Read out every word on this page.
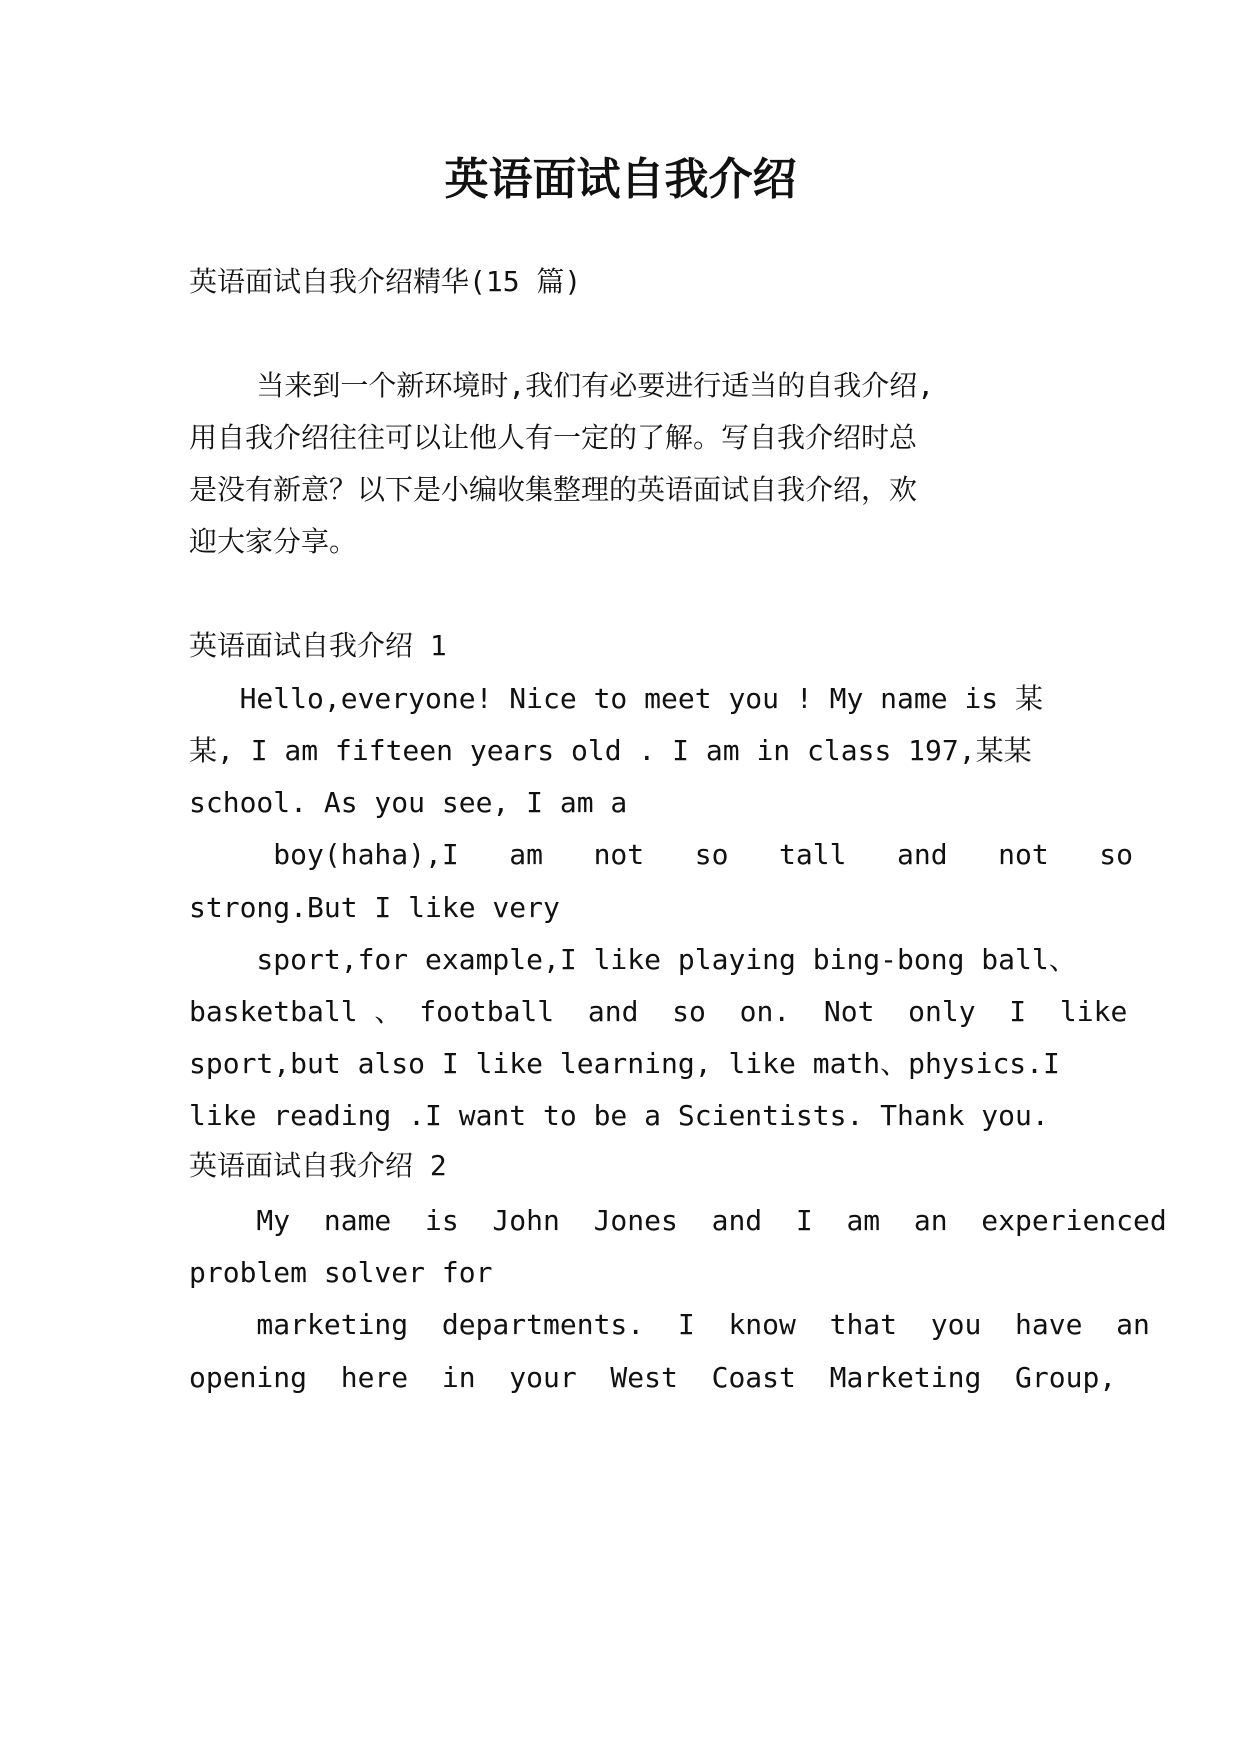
英语面试自我介绍

英语面试自我介绍精华(15 篇)

当来到一个新环境时,我们有必要进行适当的自我介绍,

用自我介绍往往可以让他人有一定的了解。写自我介绍时总

是没有新意？以下是小编收集整理的英语面试自我介绍，欢

迎大家分享。

英语面试自我介绍 1

Hello,everyone! Nice to meet you ! My name is 某

某, I am fifteen years old . I am in class 197,某某

school. As you see, I am a

boy(haha),I   am   not   so   tall   and   not   so

strong.But I like very

sport,for example,I like playing bing-bong ball、

basketball 、 football  and  so  on.  Not  only  I  like

sport,but also I like learning, like math、physics.I

like reading .I want to be a Scientists. Thank you.

英语面试自我介绍 2

My  name  is  John  Jones  and  I  am  an  experienced

problem solver for

marketing  departments.  I  know  that  you  have  an

opening  here  in  your  West  Coast  Marketing  Group,
